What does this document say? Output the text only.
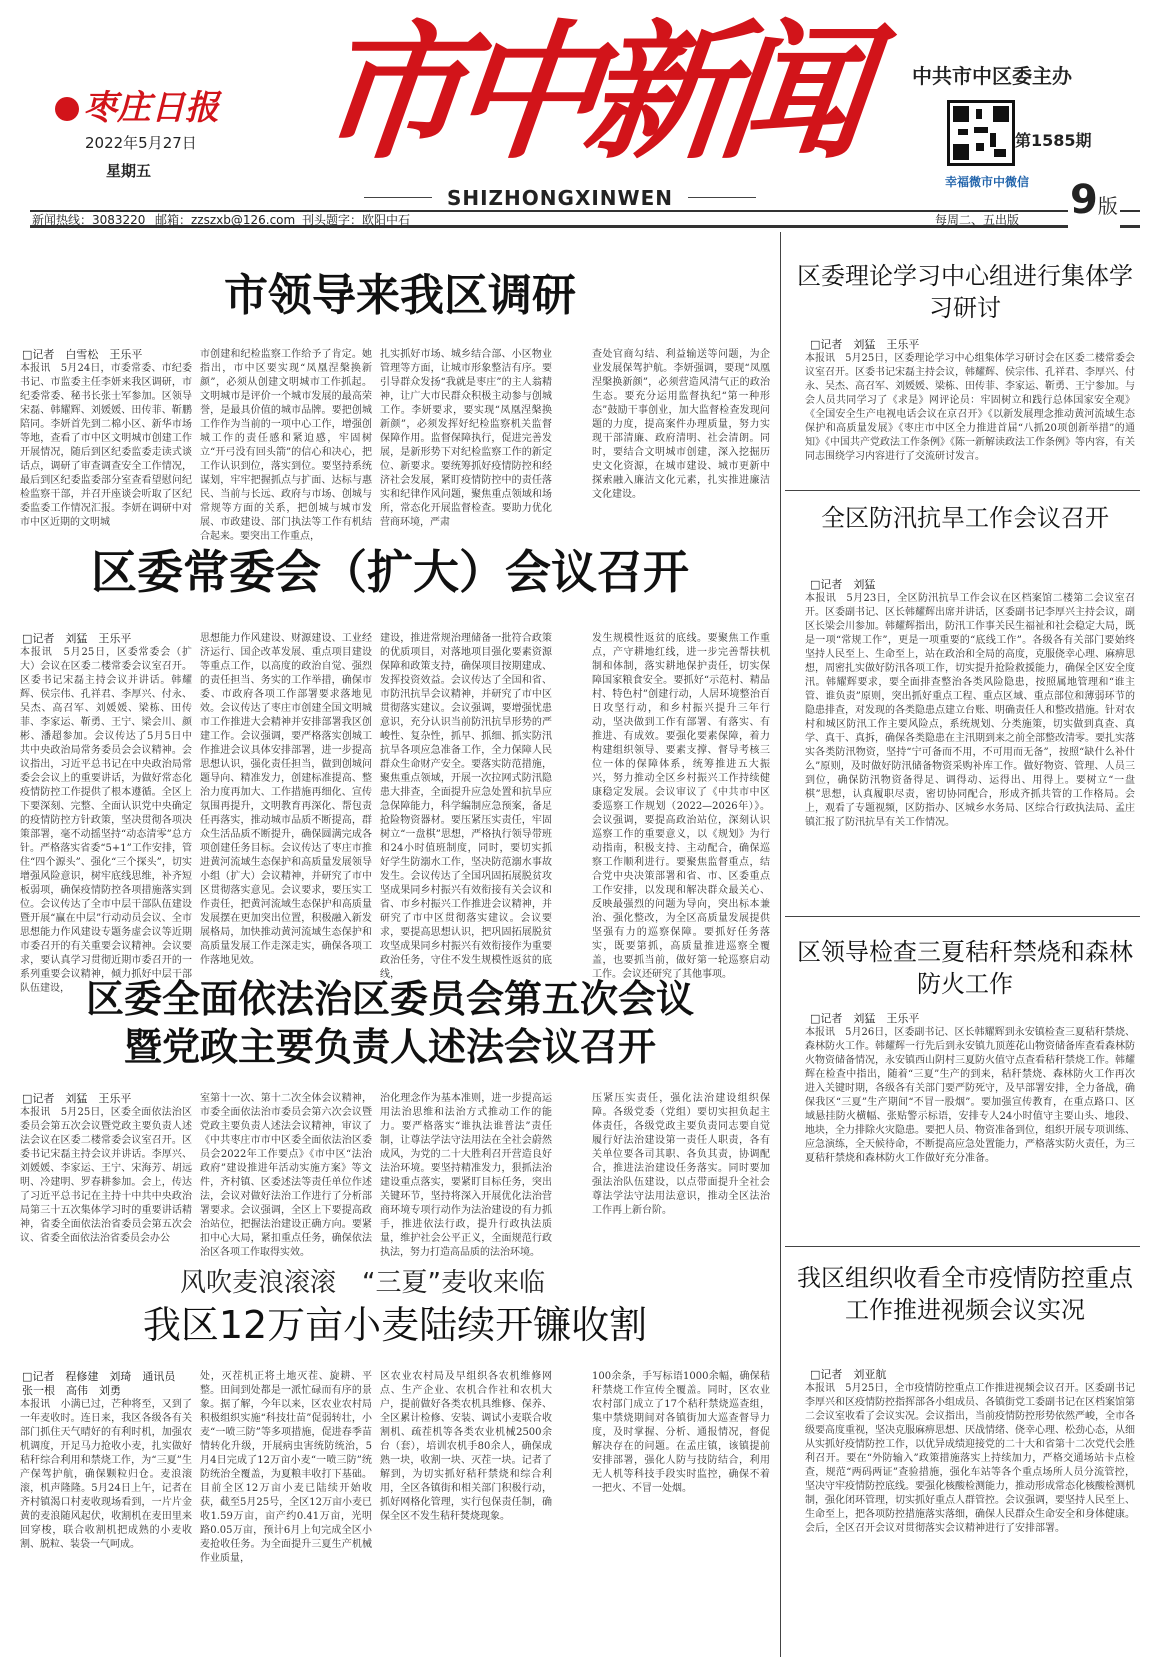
枣庄日报
2022年5月27日
星期五 市中新闻
SHIZHONGXINWEN
中共市中区委主办
第1585期
幸福微市中微信
新闻热线：3083220 邮箱：zzszxb@126.com 刊头题字：欧阳中石	每周二、五出版 9版
市领导来我区调研
□记者　白雪松　王乐平
本报讯　5月24日，市委常委、市纪委书记、市监委主任李妍来我区调研，市纪委常委、秘书长张士军参加。区领导宋磊、韩耀辉、刘媛媛、田传菲、靳鹏陪同。李妍首先到二棉小区、新华市场等地，查看了市中区文明城市创建工作开展情况，随后到区纪委监委走读式谈话点，调研了审查调查安全工作情况，最后到区纪委监委部分室查看望慰问纪检监察干部，并召开座谈会听取了区纪委监委工作情况汇报。李妍在调研中对市中区近期的文明城
市创建和纪检监察工作给予了肯定。她指出，市中区要实现“凤凰涅槃换新颜”，必须从创建文明城市工作抓起。文明城市是评价一个城市发展的最高荣誉，是最具价值的城市品牌。要把创城工作作为当前的一项中心工作，增强创城工作的责任感和紧迫感，牢固树立“开弓没有回头箭”的信心和决心，把工作认识到位，落实到位。要坚持系统谋划，牢牢把握抓点与扩面、达标与惠民、当前与长远、政府与市场、创城与常规等方面的关系，把创城与城市发展、市政建设、部门执法等工作有机结合起来。要突出工作重点，
扎实抓好市场、城乡结合部、小区物业管理等方面，让城市形象整洁有序。要引导群众发扬“我就是枣庄”的主人翁精神，让广大市民群众积极主动参与创城工作。李妍要求，要实现“凤凰涅槃换新颜”，必须发挥好纪检监察机关监督保障作用。监督保障执行，促进完善发展，是新形势下对纪检监察工作的新定位、新要求。要统筹抓好疫情防控和经济社会发展，紧盯疫情防控中的责任落实和纪律作风问题，聚焦重点领域和场所，常态化开展监督检查。要助力优化营商环境，严肃
查处官商勾结、利益输送等问题，为企业发展保驾护航。李妍强调，要现“凤凰涅槃换新颜”，必须营造风清气正的政治生态。要充分运用监督执纪“第一种形态”鼓励干事创业，加大监督检查发现问题的力度，提高案件办理质量，努力实现干部清廉、政府清明、社会清朗。同时，要结合文明城市创建，深入挖掘历史文化资源，在城市建设、城市更新中探索融入廉洁文化元素，扎实推进廉洁文化建设。
区委常委会（扩大）会议召开
□记者　刘猛　王乐平
本报讯　5月25日，区委常委会（扩大）会议在区委二楼常委会议室召开。区委书记宋磊主持会议并讲话。韩耀辉、侯宗伟、孔祥君、李厚兴、付永、吴杰、高召军、刘媛媛、梁栋、田传菲、李家运、靳勇、王宁、梁会川、颜彬、潘超参加。会议传达了5月5日中共中央政治局常务委员会会议精神。会议指出，习近平总书记在中央政治局常委会会议上的重要讲话，为做好常态化疫情防控工作提供了根本遵循。全区上下要深刻、完整、全面认识党中央确定的疫情防控方针政策，坚决贯彻各项决策部署，毫不动摇坚持“动态清零”总方针。严格落实省委“5+1”工作安排，管住“四个源头”、强化“三个探头”，切实增强风险意识，树牢底线思维，补齐短板弱项，确保疫情防控各项措施落实到位。会议传达了全市中层干部队伍建设暨开展“赢在中层”行动动员会议、全市思想能力作风建设专题务虚会议等近期市委召开的有关重要会议精神。会议要求，要认真学习贯彻近期市委召开的一系列重要会议精神，倾力抓好中层干部队伍建设，
思想能力作风建设、财源建设、工业经济运行、国企改革发展、重点项目建设等重点工作，以高度的政治自觉、强烈的责任担当、务实的工作举措，确保市委、市政府各项工作部署要求落地见效。会议传达了枣庄市创建全国文明城市工作推进大会精神并安排部署我区创建工作。会议强调，要严格落实创城工作推进会议具体安排部署，进一步提高思想认识，强化责任担当，做到创城问题导向、精准发力，创建标准提高、整治力度再加大、工作措施再细化、宣传氛围再提升，文明教育再深化、帮包责任再落实，推动城市品质不断提高，群众生活品质不断提升，确保圆满完成各项创建任务目标。会议传达了枣庄市推进黄河流域生态保护和高质量发展领导小组（扩大）会议精神，并研究了市中区贯彻落实意见。会议要求，要压实工作责任，把黄河流域生态保护和高质量发展摆在更加突出位置，积极融入新发展格局，加快推动黄河流域生态保护和高质量发展工作走深走实，确保各项工作落地见效。
建设，推进常规治理储备一批符合政策的优质项目，对落地项目强化要素资源保障和政策支持，确保项目按期建成、发挥投资效益。会议传达了全国和省、市防汛抗旱会议精神，并研究了市中区贯彻落实建议。会议强调，要增强忧患意识，充分认识当前防汛抗旱形势的严峻性、复杂性，抓早、抓细、抓实防汛抗旱各项应急准备工作，全力保障人民群众生命财产安全。要落实防范措施，聚焦重点领域，开展一次拉网式防汛隐患大排查，全面提升应急处置和抗旱应急保障能力，科学编制应急预案，备足抢险物资器材。要压紧压实责任，牢固树立“一盘棋”思想，严格执行领导带班和24小时值班制度，同时，要切实抓好学生防溺水工作，坚决防范溺水事故发生。会议传达了全国巩固拓展脱贫攻坚成果同乡村振兴有效衔接有关会议和省、市乡村振兴工作推进会议精神，并研究了市中区贯彻落实建议。会议要求，要提高思想认识，把巩固拓展脱贫攻坚成果同乡村振兴有效衔接作为重要政治任务，守住不发生规模性返贫的底线，
发生规模性返贫的底线。要聚焦工作重点，产守耕地红线，进一步完善帮扶机制和体制，落实耕地保护责任，切实保障国家粮食安全。要抓好“示范村、精品村、特色村”创建行动，人居环境整治百日攻坚行动，和乡村振兴提升三年行动，坚决做到工作有部署、有落实、有推进、有成效。要强化要素保障，着力构建组织领导、要素支撑、督导考核三位一体的保障体系，统筹推进五大振兴，努力推动全区乡村振兴工作持续健康稳定发展。会议审议了《中共市中区委巡察工作规划（2022—2026年）》。会议强调，要提高政治站位，深刻认识巡察工作的重要意义，以《规划》为行动指南，积极支持、主动配合，确保巡察工作顺利进行。要聚焦监督重点，结合党中央决策部署和省、市、区委重点工作安排，以发现和解决群众最关心、反映最强烈的问题为导向，突出标本兼治、强化整改，为全区高质量发展提供坚强有力的巡察保障。要抓好任务落实，既要第抓，高质量推进巡察全覆盖，也要抓当前，做好第一轮巡察启动工作。会议还研究了其他事项。
区委全面依法治区委员会第五次会议
暨党政主要负责人述法会议召开
□记者　刘猛　王乐平
本报讯　5月25日，区委全面依法治区委员会第五次会议暨党政主要负责人述法会议在区委二楼常委会议室召开。区委书记宋磊主持会议并讲话。李厚兴、刘媛媛、李家运、王宁、宋海芳、胡远明、冷建明、罗春耕参加。会上，传达了习近平总书记在主持十中共中央政治局第三十五次集体学习时的重要讲话精神，省委全面依法治省委员会第五次会议、省委全面依法治省委员会办公
室第十一次、第十二次全体会议精神，市委全面依法治市委员会第六次会议暨党政主要负责人述法会议精神，审议了《中共枣庄市市中区委全面依法治区委员会2022年工作要点》《市中区“法治政府”建设推进年活动实施方案》等文件，齐村镇、区委述法等责任单位作述法，会议对做好法治工作进行了分析部署要求。会议强调，全区上下要提高政治站位，把握法治建设正确方向。要紧扣中心大局，紧扣重点任务，确保依法治区各项工作取得实效。
治化理念作为基本准则，进一步提高运用法治思维和法治方式推动工作的能力。要严格落实“谁执法谁普法”责任制，让尊法学法守法用法在全社会蔚然成风，为党的二十大胜利召开营造良好法治环境。要坚持精准发力，狠抓法治建设重点落实，要紧盯目标任务，突出关键环节，坚持将深入开展优化法治营商环境专项行动作为法治建设的有力抓手，推进依法行政，提升行政执法质量，维护社会公平正义，全面规范行政执法，努力打造高品质的法治环境。
压紧压实责任，强化法治建设组织保障。各级党委（党组）要切实担负起主体责任，各级党政主要负责同志要自觉履行好法治建设第一责任人职责，各有关单位要各司其职、各负其责，协调配合，推进法治建设任务落实。同时要加强法治队伍建设，以点带面提升全社会尊法学法守法用法意识，推动全区法治工作再上新台阶。
风吹麦浪滚滚　“三夏”麦收来临
我区12万亩小麦陆续开镰收割
□记者　程修建　刘琦　通讯员　张一根　高伟　刘勇
本报讯　小满已过，芒种将至，又到了一年麦收时。连日来，我区各级各有关部门抓住天气晴好的有利时机，加强农机调度，开足马力抢收小麦，扎实做好秸秆综合利用和禁烧工作，为“三夏”生产保驾护航，确保颗粒归仓。麦浪滚滚，机声隆隆。5月24日上午，记者在齐村镇渴口村麦收现场看到，一片片金黄的麦浪随风起伏，收割机在麦田里来回穿梭，联合收割机把成熟的小麦收割、脱粒、装袋一气呵成。
处，灭茬机正将土地灭茬、旋耕、平整。田间到处都是一派忙碌而有序的景象。据了解，今年以来，区农业农村局积极组织实施“科技壮苗”促弱转壮，小麦“一喷三防”等多项措施，促进春季苗情转化升级，开展病虫害统防统治，5月4日完成了12万亩小麦“一喷三防”统防统治全覆盖，为夏粮丰收打下基础。目前全区12万亩小麦已陆续开始收获，截至5月25号，全区12万亩小麦已收1.59万亩，亩产约0.41万亩，光明路0.05万亩，预计6月上旬完成全区小麦抢收任务。为全面提升三夏生产机械作业质量，
区农业农村局及早组织各农机维修网点、生产企业、农机合作社和农机大户，提前做好各类农机具维修、保养、全区累计检修、安装、调试小麦联合收割机、疏茬机等各类农业机械2500余台（套），培训农机手80余人，确保成熟一块，收割一块、灭茬一块。记者了解到，为切实抓好秸秆禁烧和综合利用，全区各镇街和相关部门积极行动，抓好网格化管理，实行包保责任制，确保全区不发生秸秆焚烧现象。
100余条，手写标语1000余幅，确保秸秆禁烧工作宣传全覆盖。同时，区农业农村部门成立了17个秸秆禁烧巡查组，集中禁烧期间对各镇街加大巡查督导力度，及时掌握、分析、通报情况，督促解决存在的问题。在孟庄镇，该镇提前安排部署，强化人防与技防结合，利用无人机等科技手段实时监控，确保不着一把火、不冒一处烟。
区委理论学习中心组进行集体学习研讨
□记者　刘猛　王乐平
本报讯　5月25日，区委理论学习中心组集体学习研讨会在区委二楼常委会议室召开。区委书记宋磊主持会议，韩耀辉、侯宗伟、孔祥君、李厚兴、付永、吴杰、高召军、刘媛媛、梁栋、田传菲、李家运、靳勇、王宁参加。与会人员共同学习了《求是》网评论员：牢固树立和践行总体国家安全观》《全国安全生产电视电话会议在京召开》《以新发展理念推动黄河流域生态保护和高质量发展》《枣庄市中区全力推进首届“八抓20项创新举措”的通知》《中国共产党政法工作条例》《陈一新解读政法工作条例》等内容，有关同志围绕学习内容进行了交流研讨发言。
全区防汛抗旱工作会议召开
□记者　刘猛
本报讯　5月23日，全区防汛抗旱工作会议在区档案馆二楼第二会议室召开。区委副书记、区长韩耀辉出席并讲话，区委副书记李厚兴主持会议，副区长梁会川参加。韩耀辉指出，防汛工作事关民生福祉和社会稳定大局，既是一项“常规工作”，更是一项重要的“底线工作”。各级各有关部门要始终坚持人民至上、生命至上，站在政治和全局的高度，克服侥幸心理、麻痹思想，周密扎实做好防汛各项工作，切实提升抢险救援能力，确保全区安全度汛。韩耀辉要求，要全面排查整治各类风险隐患，按照属地管理和“谁主管、谁负责”原则，突出抓好重点工程、重点区域、重点部位和薄弱环节的隐患排查，对发现的各类隐患点建立台账、明确责任人和整改措施。针对农村和城区防汛工作主要风险点，系统规划、分类施策，切实做到真查、真学、真干、真拆，确保各类隐患在主汛期到来之前全部整改清零。要扎实落实各类防汛物资，坚持“宁可备而不用，不可用而无备”，按照“缺什么补什么”原则，及时做好防汛储备物资采购补库工作。做好物资、管理、人员三到位，确保防汛物资备得足、调得动、运得出、用得上。要树立“一盘棋”思想，认真履职尽责，密切协同配合，形成齐抓共管的工作格局。会上，观看了专题视频，区防指办、区城乡水务局、区综合行政执法局、孟庄镇汇报了防汛抗旱有关工作情况。
区领导检查三夏秸秆禁烧和森林防火工作
□记者　刘猛　王乐平
本报讯　5月26日，区委副书记、区长韩耀辉到永安镇检查三夏秸秆禁烧、森林防火工作。韩耀辉一行先后到永安镇九顶莲花山物资储备库查看森林防火物资储备情况，永安镇西山阴村三夏防火值守点查看秸秆禁烧工作。韩耀辉在检查中指出，随着“三夏”生产的到来，秸秆禁烧、森林防火工作再次进入关键时期，各级各有关部门要严防死守，及早部署安排，全力备战，确保我区“三夏”生产期间“不冒一股烟”。要加强宣传教育，在重点路口、区域悬挂防火横幅、张贴警示标语，安排专人24小时值守主要山头、地段、地块，全力排除火灾隐患。要把人员、物资准备到位，组织开展专项训练、应急演练，全天候待命，不断提高应急处置能力，严格落实防火责任，为三夏秸秆禁烧和森林防火工作做好充分准备。
我区组织收看全市疫情防控重点工作推进视频会议实况
□记者　刘亚航
本报讯　5月25日，全市疫情防控重点工作推进视频会议召开。区委副书记李厚兴和区疫情防控指挥部各小组成员、各镇街党工委副书记在区档案馆第二会议室收看了会议实况。会议指出，当前疫情防控形势依然严峻，全市各级要高度重视，坚决克服麻痹思想、厌战情绪、侥幸心理、松劲心态，从细从实抓好疫情防控工作，以优异成绩迎接党的二十大和省第十二次党代会胜利召开。要在“外防输入”政策措施落实上持续加力，严格交通场站卡点检查，规范“两码两证”查验措施，强化车站等各个重点场所人员分流管控，坚决守牢疫情防控底线。要强化核酸检测能力，推动形成常态化核酸检测机制，强化闭环管理，切实抓好重点人群管控。会议强调，要坚持人民至上、生命至上，把各项防控措施落实落细，确保人民群众生命安全和身体健康。会后，全区召开会议对贯彻落实会议精神进行了安排部署。
